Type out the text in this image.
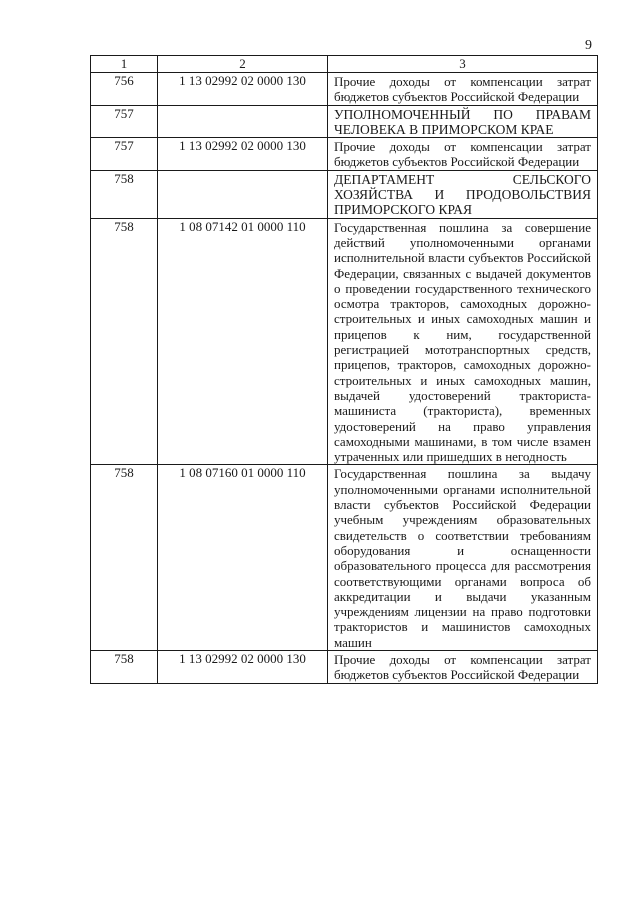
9
1	2	3

756	1 13 02992 02 0000 130	Прочие доходы от компенсации затрат бюджетов субъектов Российской Федерации

757		УПОЛНОМОЧЕННЫЙ ПО ПРАВАМ ЧЕЛОВЕКА В ПРИМОРСКОМ КРАЕ

757	1 13 02992 02 0000 130	Прочие доходы от компенсации затрат бюджетов субъектов Российской Федерации

758		ДЕПАРТАМЕНТ СЕЛЬСКОГО ХОЗЯЙСТВА И ПРОДОВОЛЬСТВИЯ ПРИМОРСКОГО КРАЯ

758	1 08 07142 01 0000 110	Государственная пошлина за совершение действий уполномоченными органами исполнительной власти субъектов Российской Федерации, связанных с выдачей документов о проведении государственного технического осмотра тракторов, самоходных дорожно-строительных и иных самоходных машин и прицепов к ним, государственной регистрацией мототранспортных средств, прицепов, тракторов, самоходных дорожно-строительных и иных самоходных машин, выдачей удостоверений тракториста-машиниста (тракториста), временных удостоверений на право управления самоходными машинами, в том числе взамен утраченных или пришедших в негодность

758	1 08 07160 01 0000 110	Государственная пошлина за выдачу уполномоченными органами исполнительной власти субъектов Российской Федерации учебным учреждениям образовательных свидетельств о соответствии требованиям оборудования и оснащенности образовательного процесса для рассмотрения соответствующими органами вопроса об аккредитации и выдачи указанным учреждениям лицензии на право подготовки трактористов и машинистов самоходных машин

758	1 13 02992 02 0000 130	Прочие доходы от компенсации затрат бюджетов субъектов Российской Федерации
